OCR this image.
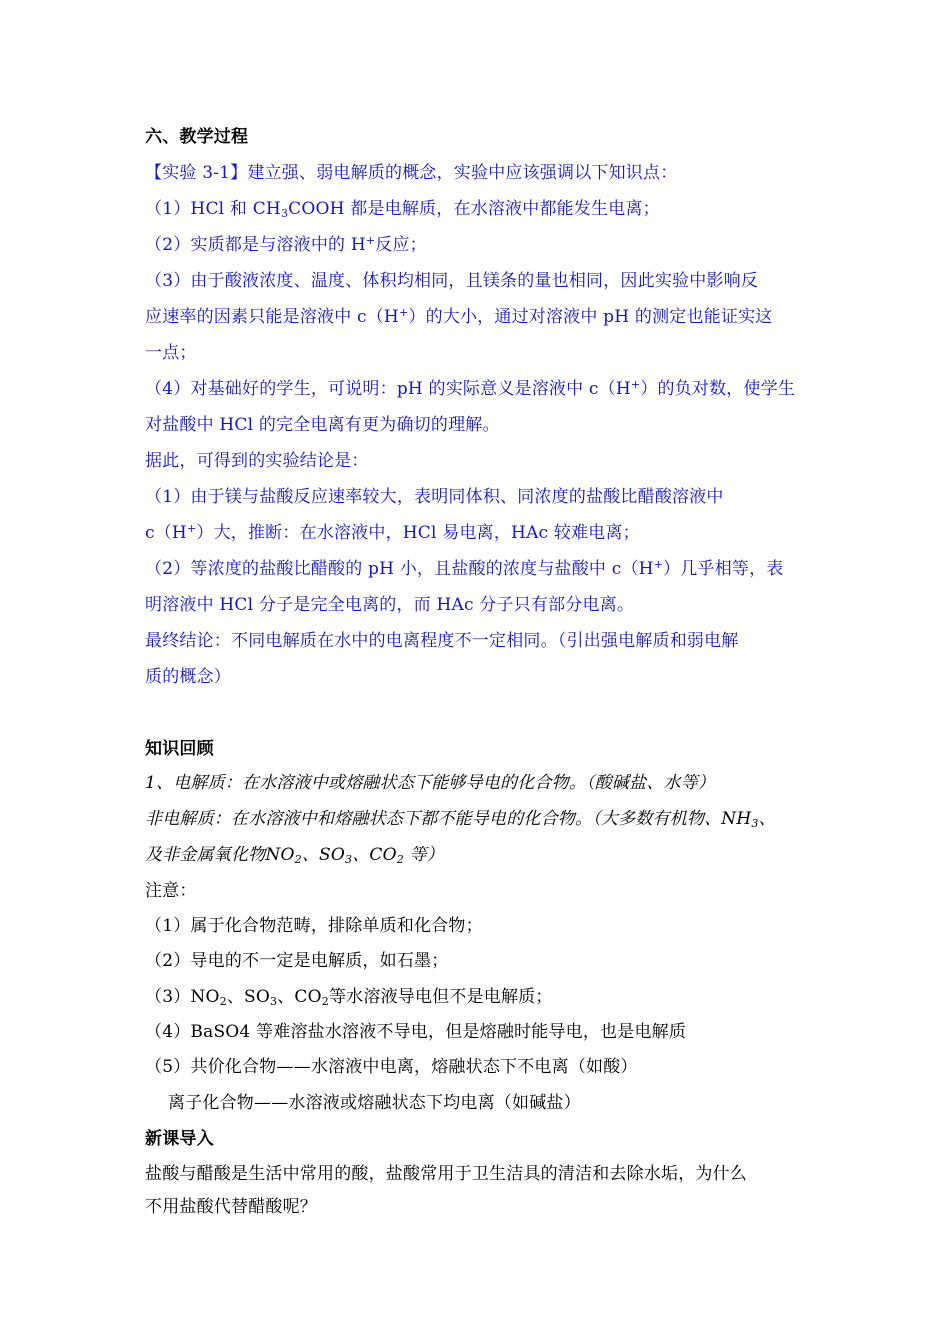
六、教学过程
【实验 3-1】建立强、弱电解质的概念，实验中应该强调以下知识点：
（1）HCl 和 $CH_3COOH$ 都是电解质，在水溶液中都能发生电离；
（2）实质都是与溶液中的 H+反应；
（3）由于酸液浓度、温度、体积均相同，且镁条的量也相同，因此实验中影响反
应速率的因素只能是溶液中 c（H+）的大小，通过对溶液中 pH 的测定也能证实这
一点；
（4）对基础好的学生，可说明：pH 的实际意义是溶液中 c（H+）的负对数，使学生
对盐酸中 HCl 的完全电离有更为确切的理解。
据此，可得到的实验结论是：
（1）由于镁与盐酸反应速率较大，表明同体积、同浓度的盐酸比醋酸溶液中
c（H+）大，推断：在水溶液中，HCl 易电离，HAc 较难电离；
（2）等浓度的盐酸比醋酸的 pH 小，且盐酸的浓度与盐酸中 c（H+）几乎相等，表
明溶液中 HCl 分子是完全电离的，而 HAc 分子只有部分电离。
最终结论：不同电解质在水中的电离程度不一定相同。（引出强电解质和弱电解
质的概念）
知识回顾
1、电解质：在水溶液中或熔融状态下能够导电的化合物。（酸碱盐、水等）
非电解质：在水溶液中和熔融状态下都不能导电的化合物。（大多数有机物、$NH_3$、
及非金属氧化物$NO_2$、$SO_3$、$CO_2$ 等）
注意：
（1）属于化合物范畴，排除单质和化合物；
（2）导电的不一定是电解质，如石墨；
$(3)NO_2$、$SO_3$、$CO_2$等水溶液导电但不是电解质；
（4）BaSO4 等难溶盐水溶液不导电，但是熔融时能导电，也是电解质
（5）共价化合物——水溶液中电离，熔融状态下不电离（如酸）
离子化合物——水溶液或熔融状态下均电离（如碱盐）
新课导入
盐酸与醋酸是生活中常用的酸，盐酸常用于卫生洁具的清洁和去除水垢，为什么
不用盐酸代替醋酸呢？
